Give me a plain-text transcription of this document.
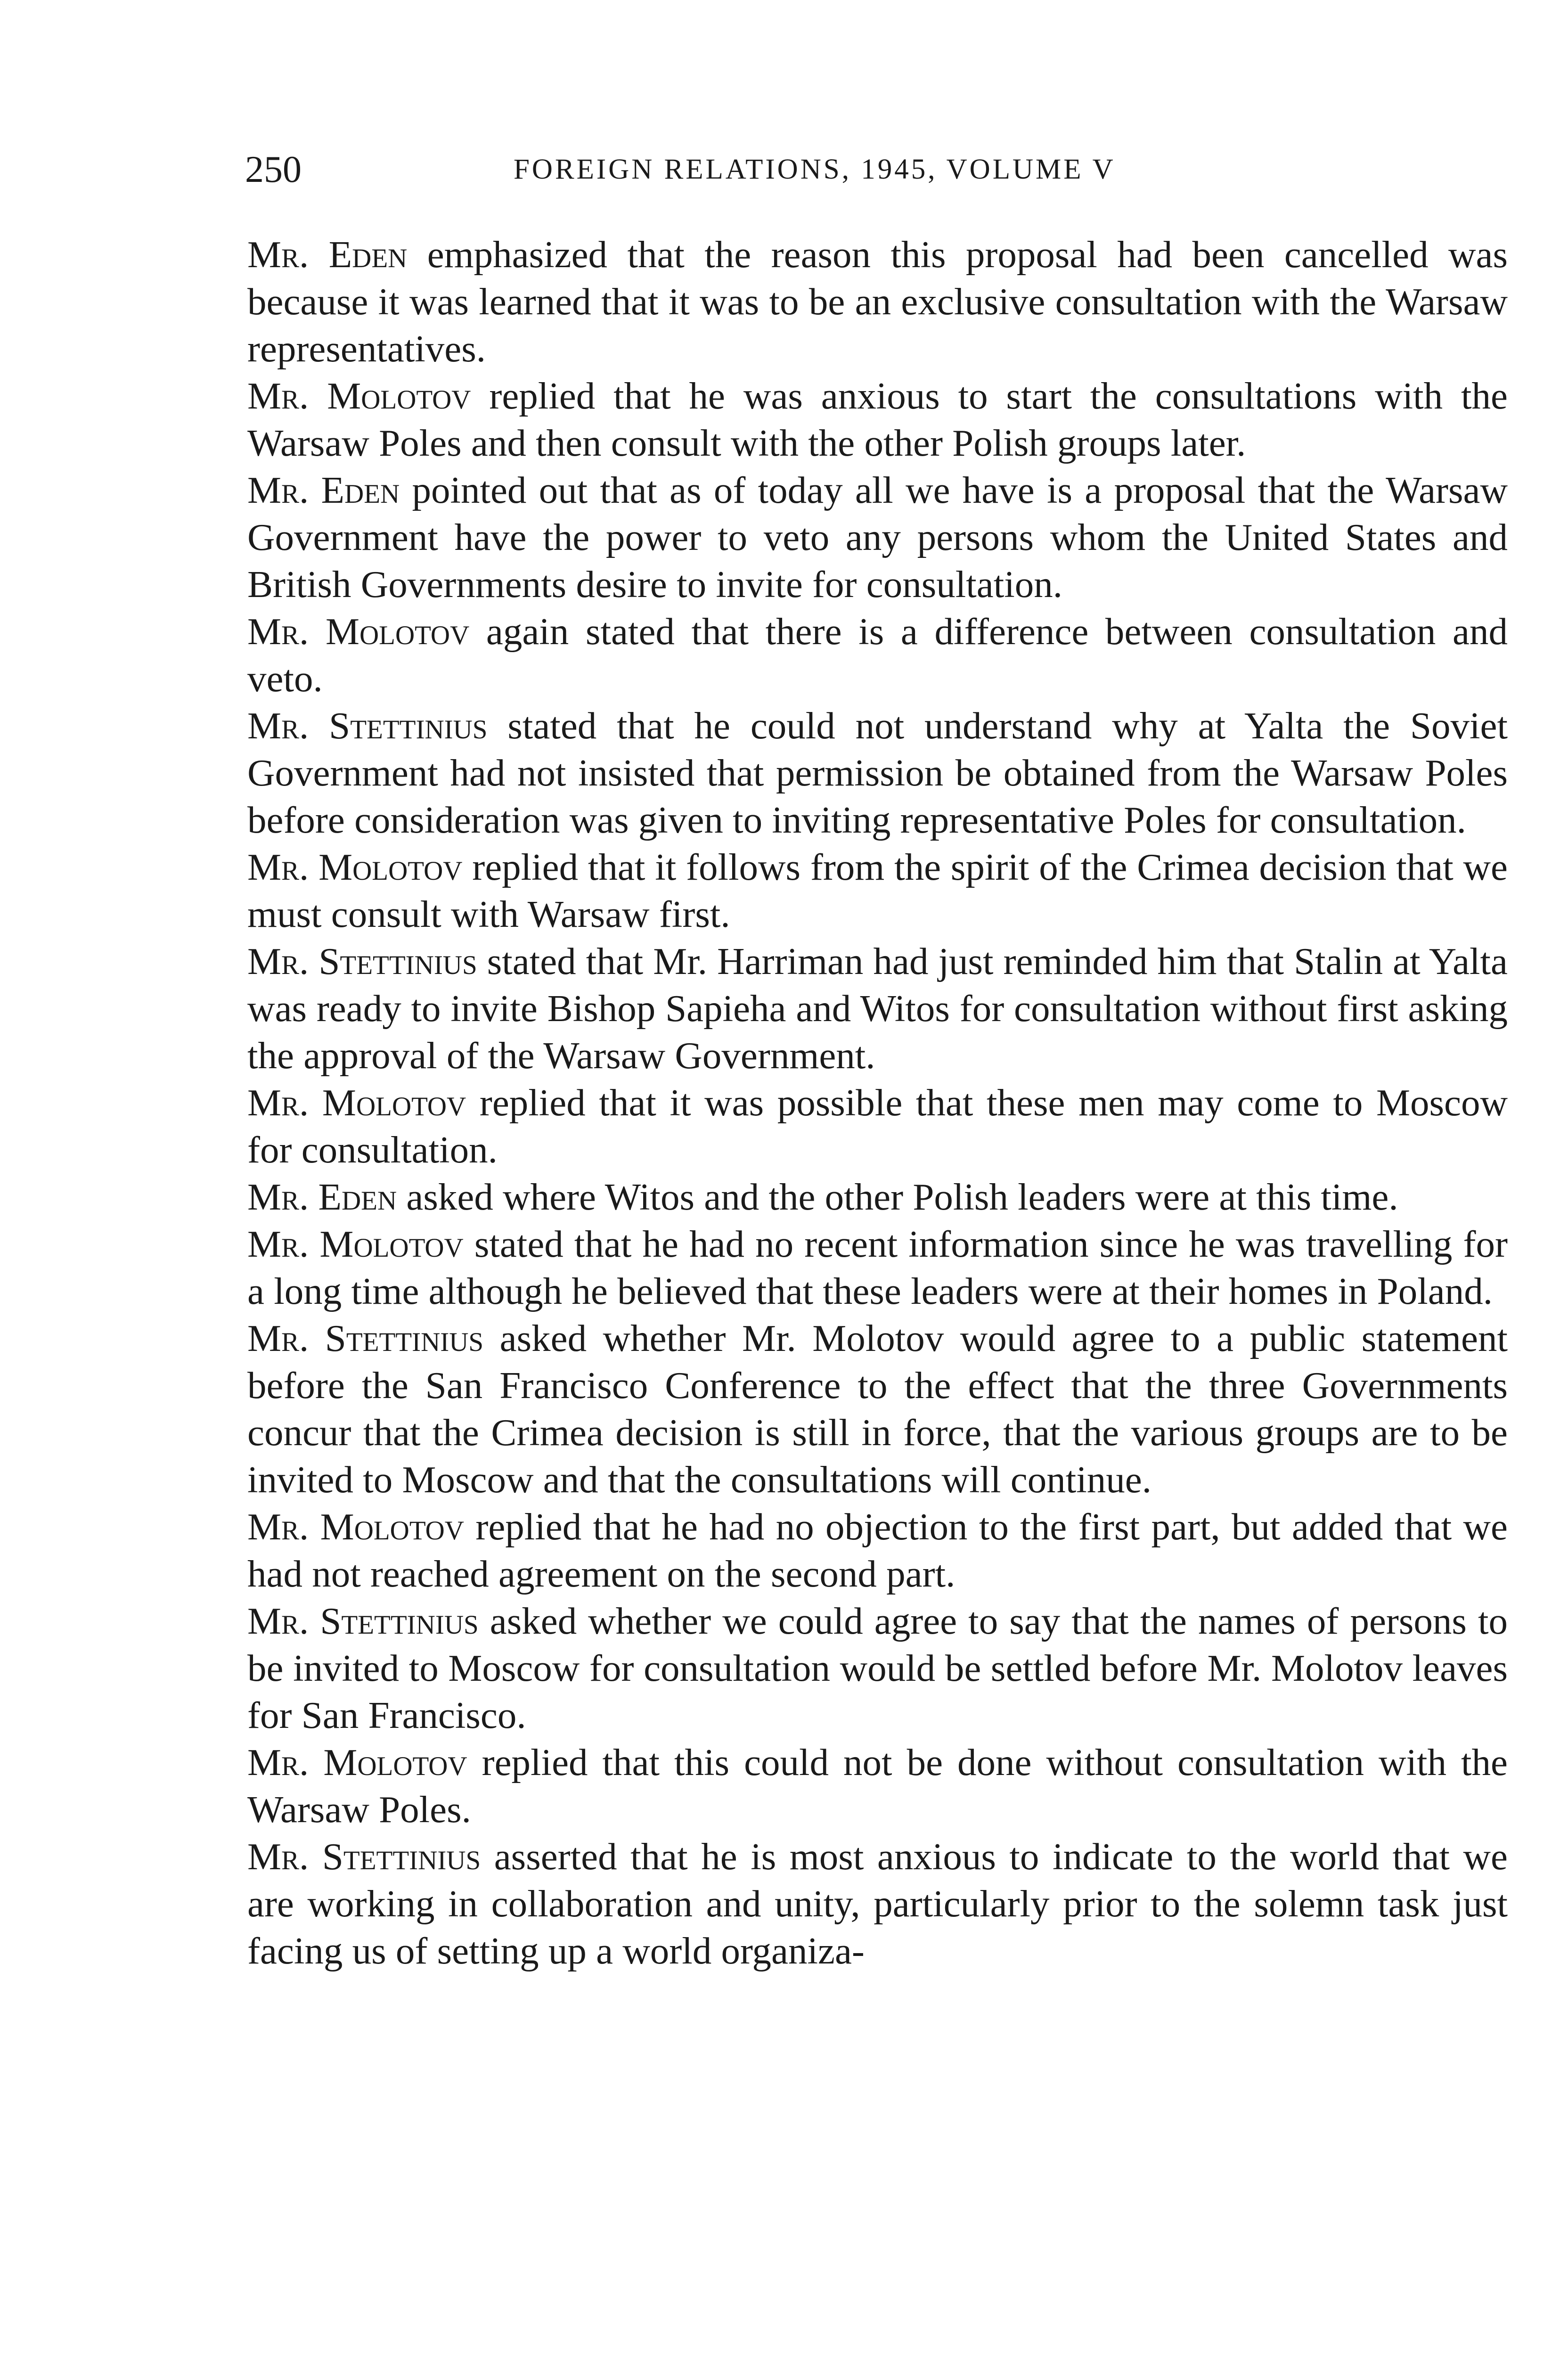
250	FOREIGN RELATIONS, 1945, VOLUME V

Mr. Eden emphasized that the reason this proposal had been cancelled was because it was learned that it was to be an exclusive consultation with the Warsaw representatives.

Mr. Molotov replied that he was anxious to start the consultations with the Warsaw Poles and then consult with the other Polish groups later.

Mr. Eden pointed out that as of today all we have is a proposal that the Warsaw Government have the power to veto any persons whom the United States and British Governments desire to invite for consultation.

Mr. Molotov again stated that there is a difference between consultation and veto.

Mr. Stettinius stated that he could not understand why at Yalta the Soviet Government had not insisted that permission be obtained from the Warsaw Poles before consideration was given to inviting representative Poles for consultation.

Mr. Molotov replied that it follows from the spirit of the Crimea decision that we must consult with Warsaw first.

Mr. Stettinius stated that Mr. Harriman had just reminded him that Stalin at Yalta was ready to invite Bishop Sapieha and Witos for consultation without first asking the approval of the Warsaw Government.

Mr. Molotov replied that it was possible that these men may come to Moscow for consultation.

Mr. Eden asked where Witos and the other Polish leaders were at this time.

Mr. Molotov stated that he had no recent information since he was travelling for a long time although he believed that these leaders were at their homes in Poland.

Mr. Stettinius asked whether Mr. Molotov would agree to a public statement before the San Francisco Conference to the effect that the three Governments concur that the Crimea decision is still in force, that the various groups are to be invited to Moscow and that the consultations will continue.

Mr. Molotov replied that he had no objection to the first part, but added that we had not reached agreement on the second part.

Mr. Stettinius asked whether we could agree to say that the names of persons to be invited to Moscow for consultation would be settled before Mr. Molotov leaves for San Francisco.

Mr. Molotov replied that this could not be done without consultation with the Warsaw Poles.

Mr. Stettinius asserted that he is most anxious to indicate to the world that we are working in collaboration and unity, particularly prior to the solemn task just facing us of setting up a world organiza-
